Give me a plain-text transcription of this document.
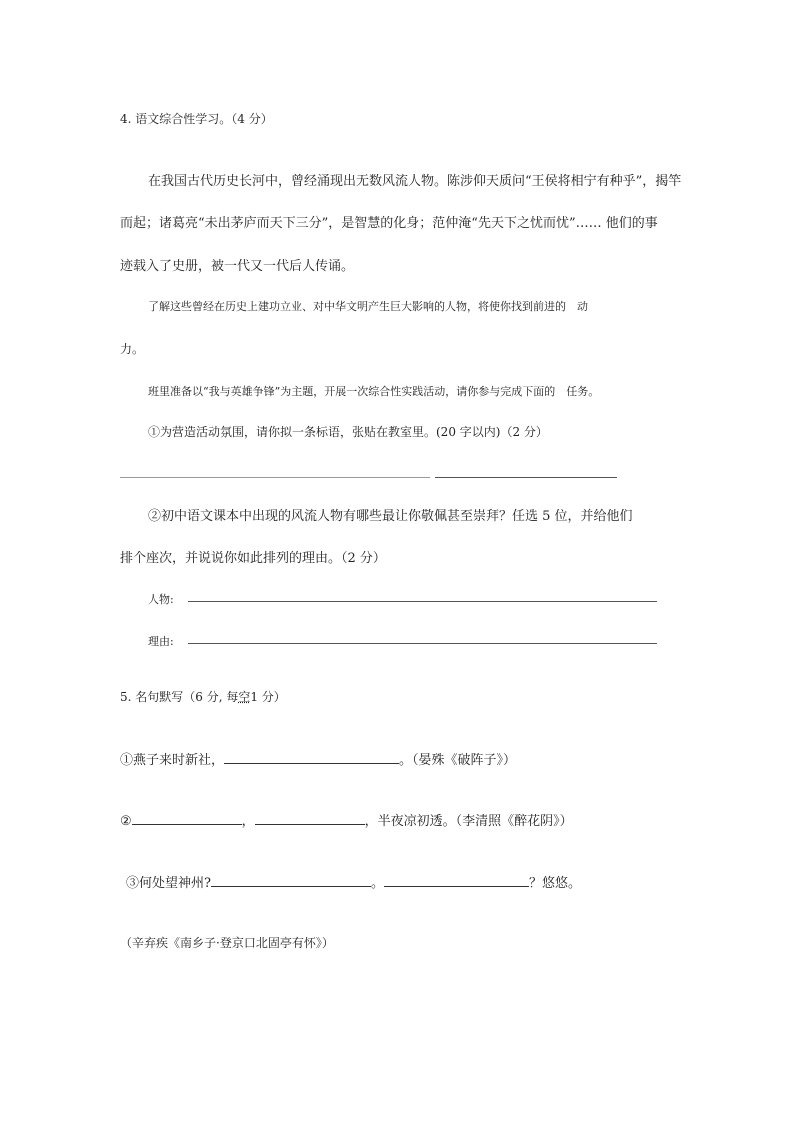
4. 语文综合性学习。（4 分）
在我国古代历史长河中，曾经涌现出无数风流人物。陈涉仰天质问“王侯将相宁有种乎”，揭竿
而起；诸葛亮“未出茅庐而天下三分”，是智慧的化身；范仲淹“先天下之忧而忧”…… 他们的事
迹载入了史册，被一代又一代后人传诵。
了解这些曾经在历史上建功立业、对中华文明产生巨大影响的人物，将使你找到前进的　动
力。
班里准备以“我与英雄争锋”为主题，开展一次综合性实践活动，请你参与完成下面的　任务。
①为营造活动氛围，请你拟一条标语，张贴在教室里。(20 字以内)（2 分）
②初中语文课本中出现的风流人物有哪些最让你敬佩甚至崇拜？任选 5 位，并给他们
排个座次，并说说你如此排列的理由。（2 分）
人物:
理由:
5. 名句默写（6 分, 每空1 分）
①燕子来时新社，	。（晏殊《破阵子》）
②	，	，半夜凉初透。（李清照《醉花阴》）
③何处望神州?	。	？悠悠。
（辛弃疾《南乡子·登京口北固亭有怀》）
